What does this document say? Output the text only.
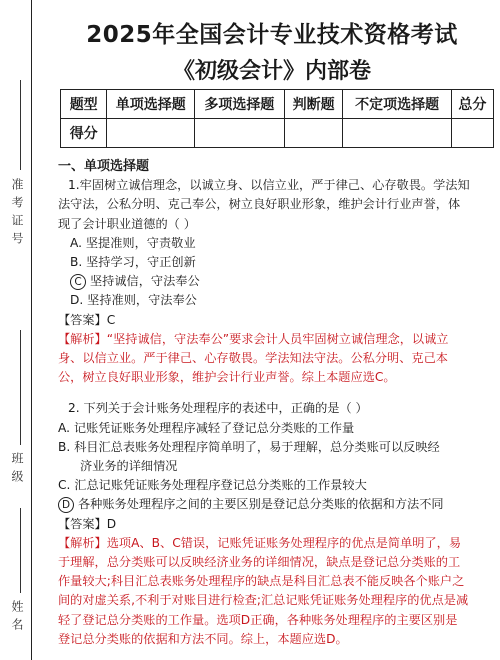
准考证号
班级
姓名
2025年全国会计专业技术资格考试
《初级会计》内部卷
题型	单项选择题	多项选择题	判断题	不定项选择题	总分
得分					
一、单项选择题
1.牢固树立诚信理念，以诚立身、以信立业，严于律己、心存敬畏。学法知
法守法，公私分明、克己奉公，树立良好职业形象，维护会计行业声誉，体
现了会计职业道德的（ ）
A. 坚提准则，守责敬业
B. 坚持学习，守正创新
C 坚持诚信，守法奉公
D. 坚持准则，守法奉公
【答案】C
【解析】“坚持诚信，守法奉公”要求会计人员牢固树立诚信理念，以诚立
身、以信立业。严于律己、心存敬畏。学法知法守法。公私分明、克己本
公，树立良好职业形象，维护会计行业声誉。综上本题应选C。
2. 下列关于会计账务处理程序的表述中，正确的是（ ）
A. 记账凭证账务处理程序减轻了登记总分类账的工作量
B. 科目汇总表账务处理程序简单明了，易于理解，总分类账可以反映经
济业务的详细情况
C. 汇总记账凭证账务处理程序登记总分类账的工作景较大
D 各种账务处理程序之间的主要区别是登记总分类账的依据和方法不同
【答案】D
【解析】选项A、B、C错误，记账凭证账务处理程序的优点是简单明了，易
于理解，总分类账可以反映经济业务的详细情况，缺点是登记总分类账的工
作量较大;科目汇总表账务处理程序的缺点是科目汇总表不能反映各个账户之
间的对虚关系,不利于对账目进行检查;汇总记账凭证账务处理程序的优点是减
轻了登记总分类账的工作量。选项D正确，各种账务处理程序的主要区别是
登记总分类账的依据和方法不同。综上，本题应选D。
